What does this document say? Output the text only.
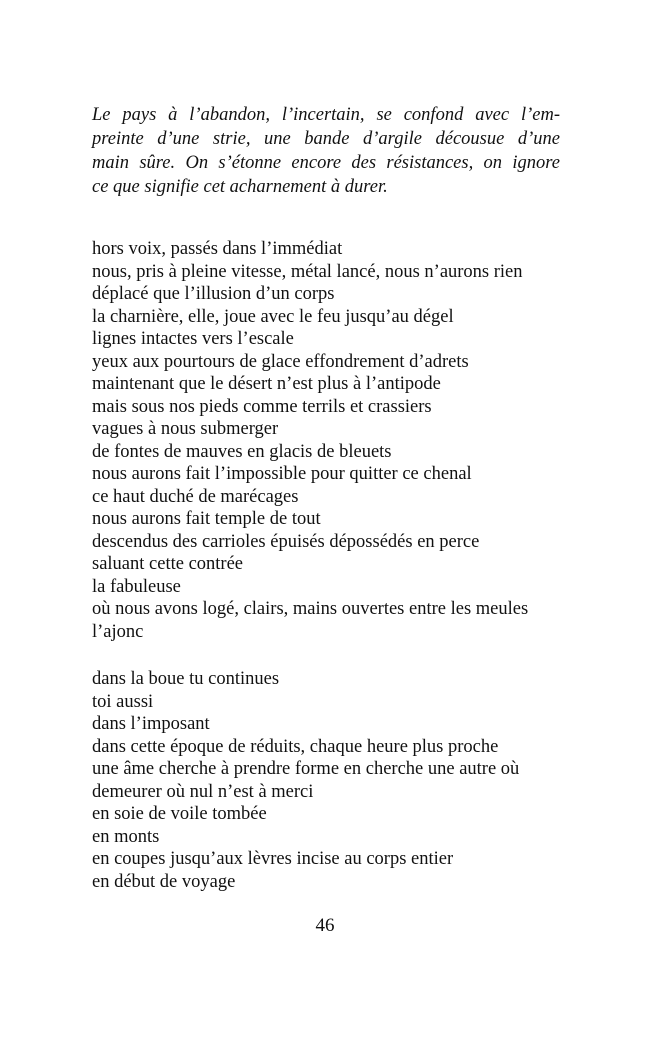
Le pays à l’abandon, l’incertain, se confond avec l’em-
preinte d’une strie, une bande d’argile décousue d’une
main sûre. On s’étonne encore des résistances, on ignore
ce que signifie cet acharnement à durer.

hors voix, passés dans l’immédiat
nous, pris à pleine vitesse, métal lancé, nous n’aurons rien
déplacé que l’illusion d’un corps
la charnière, elle, joue avec le feu jusqu’au dégel
lignes intactes vers l’escale
yeux aux pourtours de glace effondrement d’adrets
maintenant que le désert n’est plus à l’antipode
mais sous nos pieds comme terrils et crassiers
vagues à nous submerger
de fontes de mauves en glacis de bleuets
nous aurons fait l’impossible pour quitter ce chenal
ce haut duché de marécages
nous aurons fait temple de tout
descendus des carrioles épuisés dépossédés en perce
saluant cette contrée
la fabuleuse
où nous avons logé, clairs, mains ouvertes entre les meules
l’ajonc
dans la boue tu continues
toi aussi
dans l’imposant
dans cette époque de réduits, chaque heure plus proche
une âme cherche à prendre forme en cherche une autre où
demeurer où nul n’est à merci
en soie de voile tombée
en monts
en coupes jusqu’aux lèvres incise au corps entier
en début de voyage
46
